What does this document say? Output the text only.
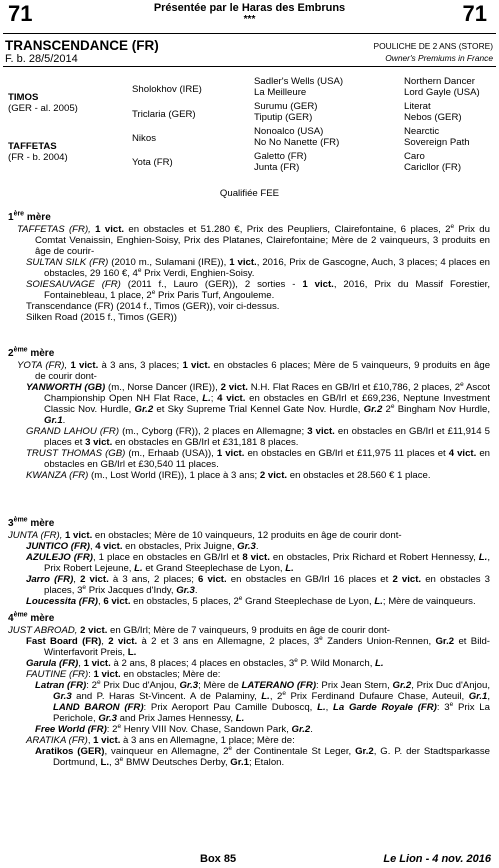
71	71
Présentée par le Haras des Embruns
***
TRANSCENDANCE (FR)
F. b. 28/5/2014
POULICHE DE 2 ANS (STORE)
Owner's Premiums in France
TIMOS
(GER - al. 2005)
TAFFETAS
(FR - b. 2004)
Sholokhov (IRE)
Triclaria (GER)
Nikos
Yota (FR)
Sadler's Wells (USA)
La Meilleure
Surumu (GER)
Tiputip (GER)
Nonoalco (USA)
No No Nanette (FR)
Galetto (FR)
Junta (FR)
Northern Dancer
Lord Gayle (USA)
Literat
Nebos (GER)
Nearctic
Sovereign Path
Caro
Caricllor (FR)
Qualifiée FEE
1ère mère

TAFFETAS (FR), 1 vict. en obstacles et 51.280 €, Prix des Peupliers, Clairefontaine, 6 places, 2e Prix du Comtat Venaissin, Enghien-Soisy, Prix des Platanes, Clairefontaine; Mère de 2 vainqueurs, 3 produits en âge de courir-

SULTAN SILK (FR) (2010 m., Sulamani (IRE)), 1 vict., 2016, Prix de Gascogne, Auch, 3 places; 4 places en obstacles, 29 160 €, 4e Prix Verdi, Enghien-Soisy.

SOIESAUVAGE (FR) (2011 f., Lauro (GER)), 2 sorties - 1 vict., 2016, Prix du Massif Forestier, Fontainebleau, 1 place, 2e Prix Paris Turf, Angouleme.

Transcendance (FR) (2014 f., Timos (GER)), voir ci-dessus.

Silken Road (2015 f., Timos (GER))

2ème mère

YOTA (FR), 1 vict. à 3 ans, 3 places; 1 vict. en obstacles 6 places; Mère de 5 vainqueurs, 9 produits en âge de courir dont-

YANWORTH (GB) (m., Norse Dancer (IRE)), 2 vict. N.H. Flat Races en GB/Irl et £10,786, 2 places, 2e Ascot Championship Open NH Flat Race, L.; 4 vict. en obstacles en GB/Irl et £69,236, Neptune Investment Classic Nov. Hurdle, Gr.2 et Sky Supreme Trial Kennel Gate Nov. Hurdle, Gr.2 2e Bingham Nov Hurdle, Gr.1.

GRAND LAHOU (FR) (m., Cyborg (FR)), 2 places en Allemagne; 3 vict. en obstacles en GB/Irl et £11,914 5 places et 3 vict. en obstacles en GB/Irl et £31,181 8 places.

TRUST THOMAS (GB) (m., Erhaab (USA)), 1 vict. en obstacles en GB/Irl et £11,975 11 places et 4 vict. en obstacles en GB/Irl et £30,540 11 places.

KWANZA (FR) (m., Lost World (IRE)), 1 place à 3 ans; 2 vict. en obstacles et 28.560 € 1 place.

3ème mère

JUNTA (FR), 1 vict. en obstacles; Mère de 10 vainqueurs, 12 produits en âge de courir dont-

JUNTICO (FR), 4 vict. en obstacles, Prix Juigne, Gr.3.

AZULEJO (FR), 1 place en obstacles en GB/Irl et 8 vict. en obstacles, Prix Richard et Robert Hennessy, L., Prix Robert Lejeune, L. et Grand Steeplechase de Lyon, L.

Jarro (FR), 2 vict. à 3 ans, 2 places; 6 vict. en obstacles en GB/Irl 16 places et 2 vict. en obstacles 3 places, 3e Prix Jacques d'Indy, Gr.3.

Loucessita (FR), 6 vict. en obstacles, 5 places, 2e Grand Steeplechase de Lyon, L.; Mère de vainqueurs.

4ème mère

JUST ABROAD, 2 vict. en GB/Irl; Mère de 7 vainqueurs, 9 produits en âge de courir dont-

Fast Board (FR), 2 vict. à 2 et 3 ans en Allemagne, 2 places, 3e Zanders Union-Rennen, Gr.2 et Bild-Winterfavorit Preis, L.

Garula (FR), 1 vict. à 2 ans, 8 places; 4 places en obstacles, 3e P. Wild Monarch, L.

FAUTINE (FR): 1 vict. en obstacles; Mère de:

Latran (FR): 2e Prix Duc d'Anjou, Gr.3; Mère de LATERANO (FR): Prix Jean Stern, Gr.2, Prix Duc d'Anjou, Gr.3 and P. Haras St-Vincent. A de Palaminy, L., 2e Prix Ferdinand Dufaure Chase, Auteuil, Gr.1, LAND BARON (FR): Prix Aeroport Pau Camille Duboscq, L., La Garde Royale (FR): 3e Prix La Perichole, Gr.3 and Prix James Hennessy, L.

Free World (FR): 2e Henry VIII Nov. Chase, Sandown Park, Gr.2.

ARATIKA (FR), 1 vict. à 3 ans en Allemagne, 1 place; Mère de:

Aratikos (GER), vainqueur en Allemagne, 2e der Continentale St Leger, Gr.2, G. P. der Stadtsparkasse Dortmund, L., 3e BMW Deutsches Derby, Gr.1; Etalon.

Box 85	Le Lion - 4 nov. 2016
